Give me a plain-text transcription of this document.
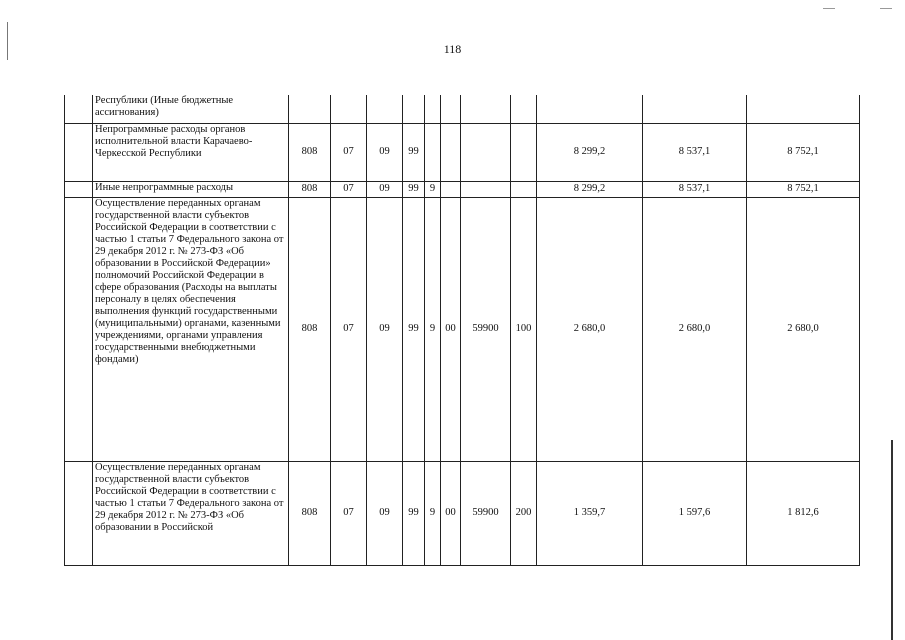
118
	Республики (Иные бюджетные ассигнования)											
	Непрограммные расходы органов исполнительной власти Карачаево-Черкесской Республики	808	07	09	99					8 299,2	8 537,1	8 752,1
	Иные непрограммные расходы	808	07	09	99	9				8 299,2	8 537,1	8 752,1
	Осуществление переданных органам государственной власти субъектов Российской Федерации в соответствии с частью 1 статьи 7 Федерального закона от 29 декабря 2012 г. № 273-ФЗ «Об образовании в Российской Федерации» полномочий Российской Федерации в сфере образования (Расходы на выплаты персоналу в целях обеспечения выполнения функций государственными (муниципальными) органами, казенными учреждениями, органами управления государственными внебюджетными фондами)	808	07	09	99	9	00	59900	100	2 680,0	2 680,0	2 680,0
	Осуществление переданных органам государственной власти субъектов Российской Федерации в соответствии с частью 1 статьи 7 Федерального закона от 29 декабря 2012 г. № 273-ФЗ «Об образовании в Российской	808	07	09	99	9	00	59900	200	1 359,7	1 597,6	1 812,6
